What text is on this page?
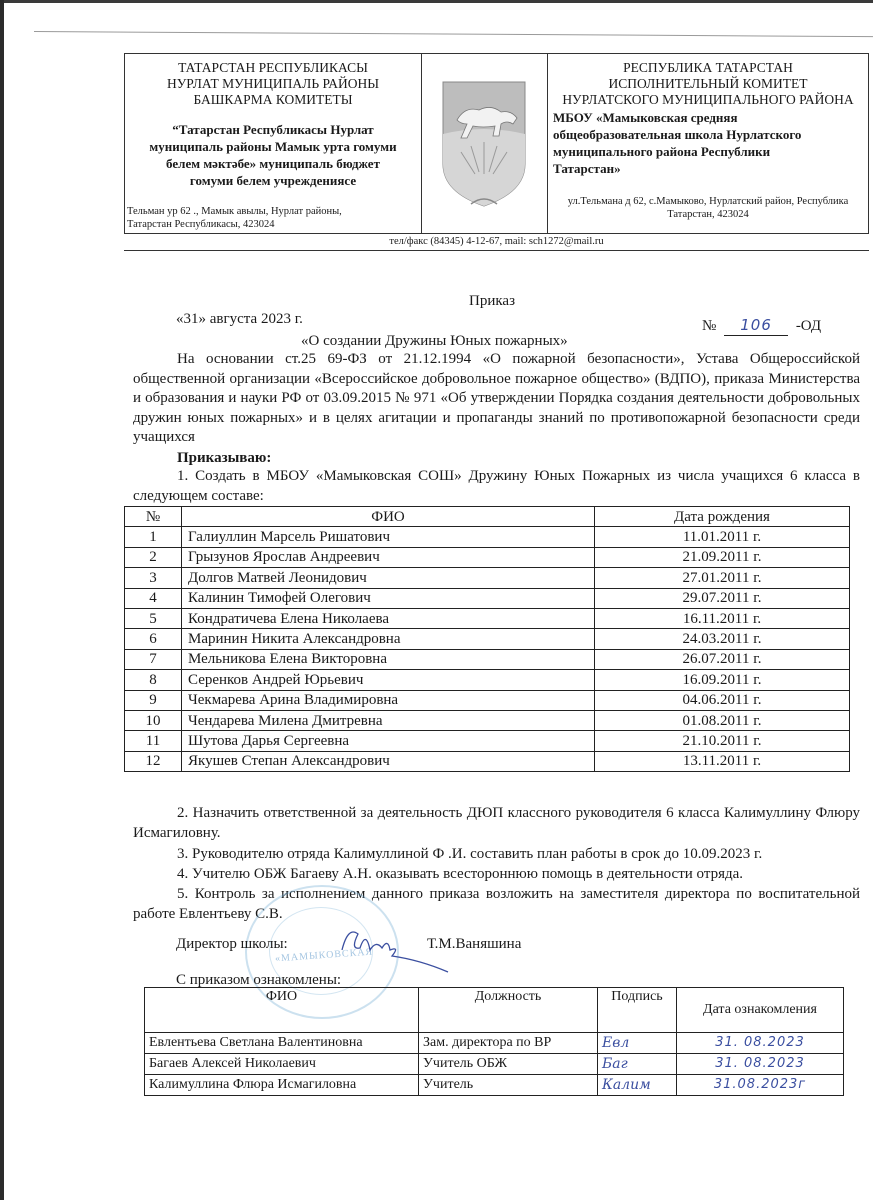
ТАТАРСТАН РЕСПУБЛИКАСЫ
НУРЛАТ МУНИЦИПАЛЬ РАЙОНЫ
БАШКАРМА КОМИТЕТЫ
“Татарстан Республикасы Нурлат
муниципаль районы Мамык урта гомуми
белем мәктәбе» муниципаль бюджет
гомуми белем учреждениясе
Тельман ур 62 ., Мамык авылы, Нурлат районы,
Татарстан Республикасы, 423024
РЕСПУБЛИКА ТАТАРСТАН
ИСПОЛНИТЕЛЬНЫЙ КОМИТЕТ
НУРЛАТСКОГО МУНИЦИПАЛЬНОГО РАЙОНА
МБОУ «Мамыковская средняя
общеобразовательная школа Нурлатского
муниципального района Республики
Татарстан»
ул.Тельмана д 62, с.Мамыково, Нурлатский район, Республика
Татарстан, 423024
тел/факс (84345) 4-12-67, mail: sch1272@mail.ru
Приказ
«31» августа 2023 г.	№ 106 -ОД
«О создании Дружины Юных пожарных»
На основании ст.25 69-ФЗ от 21.12.1994 «О пожарной безопасности», Устава Общероссийской общественной организации «Всероссийское добровольное пожарное общество» (ВДПО), приказа Министерства и образования и науки РФ от 03.09.2015 № 971 «Об утверждении Порядка создания деятельности добровольных дружин юных пожарных» и в целях агитации и пропаганды знаний по противопожарной безопасности среди учащихся
Приказываю:
1. Создать в МБОУ «Мамыковская СОШ» Дружину Юных Пожарных из числа учащихся 6 класса в следующем составе:
№	ФИО	Дата рождения
1	Галиуллин Марсель Ришатович	11.01.2011 г.
2	Грызунов Ярослав Андреевич	21.09.2011 г.
3	Долгов Матвей Леонидович	27.01.2011 г.
4	Калинин Тимофей Олегович	29.07.2011 г.
5	Кондратичева Елена Николаева	16.11.2011 г.
6	Маринин Никита Александровна	24.03.2011 г.
7	Мельникова Елена Викторовна	26.07.2011 г.
8	Серенков Андрей Юрьевич	16.09.2011 г.
9	Чекмарева Арина Владимировна	04.06.2011 г.
10	Чендарева Милена Дмитревна	01.08.2011 г.
11	Шутова Дарья Сергеевна	21.10.2011 г.
12	Якушев Степан Александрович	13.11.2011 г.
2. Назначить ответственной за деятельность ДЮП классного руководителя 6 класса Калимуллину Флюру Исмагиловну.
3. Руководителю отряда Калимуллиной Ф .И. составить план работы в срок до 10.09.2023 г.
4. Учителю ОБЖ Багаеву А.Н. оказывать всестороннюю помощь в деятельности отряда.
5. Контроль за исполнением данного приказа возложить на заместителя директора по воспитательной работе Евлентьеву С.В.
«МАМЫКОВСКАЯ
Директор школы:	Т.М.Ваняшина
С приказом ознакомлены:
ФИО	Должность	Подпись	Дата ознакомления
Евлентьева Светлана Валентиновна	Зам. директора по ВР	Евл	31. 08.2023
Багаев Алексей Николаевич	Учитель ОБЖ	Баг	31. 08.2023
Калимуллина Флюра Исмагиловна	Учитель	Калим	31.08.2023г
